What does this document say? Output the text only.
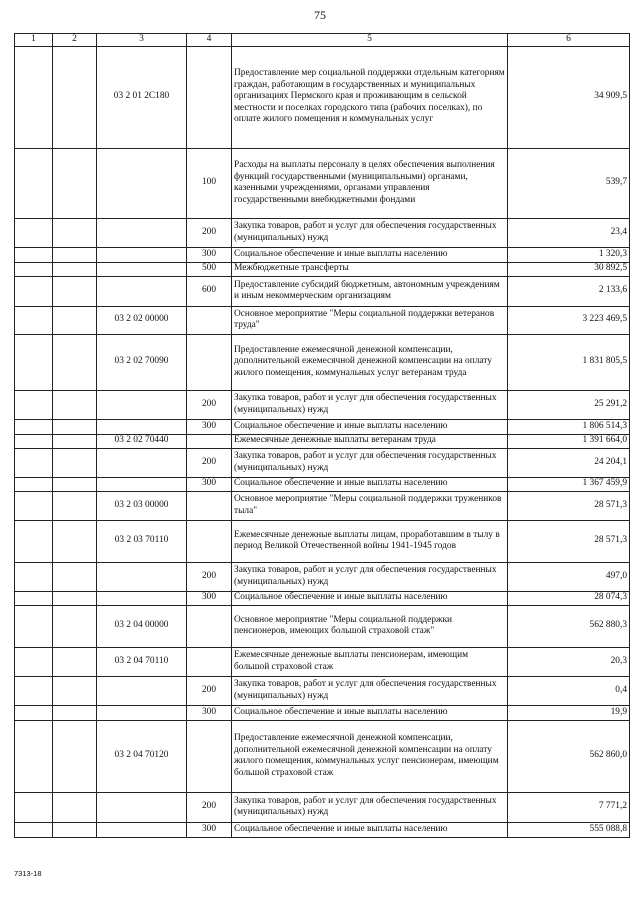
75
1	2	3	4	5	6
		03 2 01 2С180		Предоставление мер социальной поддержки отдельным категориям граждан, работающим в государственных и муниципальных организациях Пермского края и проживающим в сельской местности и поселках городского типа (рабочих поселках), по оплате жилого помещения и коммунальных услуг	34 909,5
			100	Расходы на выплаты персоналу в целях обеспечения выполнения функций государственными (муниципальными) органами, казенными учреждениями, органами управления государственными внебюджетными фондами	539,7
			200	Закупка товаров, работ и услуг для обеспечения государственных (муниципальных) нужд	23,4
			300	Социальное обеспечение и иные выплаты населению	1 320,3
			500	Межбюджетные трансферты	30 892,5
			600	Предоставление субсидий бюджетным, автономным учреждениям и иным некоммерческим организациям	2 133,6
		03 2 02 00000		Основное мероприятие "Меры социальной поддержки ветеранов труда"	3 223 469,5
		03 2 02 70090		Предоставление ежемесячной денежной компенсации, дополнительной ежемесячной денежной компенсации на оплату жилого помещения, коммунальных услуг ветеранам труда	1 831 805,5
			200	Закупка товаров, работ и услуг для обеспечения государственных (муниципальных) нужд	25 291,2
			300	Социальное обеспечение и иные выплаты населению	1 806 514,3
		03 2 02 70440		Ежемесячные денежные выплаты ветеранам труда	1 391 664,0
			200	Закупка товаров, работ и услуг для обеспечения государственных (муниципальных) нужд	24 204,1
			300	Социальное обеспечение и иные выплаты населению	1 367 459,9
		03 2 03 00000		Основное мероприятие "Меры социальной поддержки тружеников тыла"	28 571,3
		03 2 03 70110		Ежемесячные денежные выплаты лицам, проработавшим в тылу в период Великой Отечественной войны 1941-1945 годов	28 571,3
			200	Закупка товаров, работ и услуг для обеспечения государственных (муниципальных) нужд	497,0
			300	Социальное обеспечение и иные выплаты населению	28 074,3
		03 2 04 00000		Основное мероприятие "Меры социальной поддержки пенсионеров, имеющих большой страховой стаж"	562 880,3
		03 2 04 70110		Ежемесячные денежные выплаты пенсионерам, имеющим большой страховой стаж	20,3
			200	Закупка товаров, работ и услуг для обеспечения государственных (муниципальных) нужд	0,4
			300	Социальное обеспечение и иные выплаты населению	19,9
		03 2 04 70120		Предоставление ежемесячной денежной компенсации, дополнительной ежемесячной денежной компенсации на оплату жилого помещения, коммунальных услуг пенсионерам, имеющим большой страховой стаж	562 860,0
			200	Закупка товаров, работ и услуг для обеспечения государственных (муниципальных) нужд	7 771,2
			300	Социальное обеспечение и иные выплаты населению	555 088,8
7313-18
